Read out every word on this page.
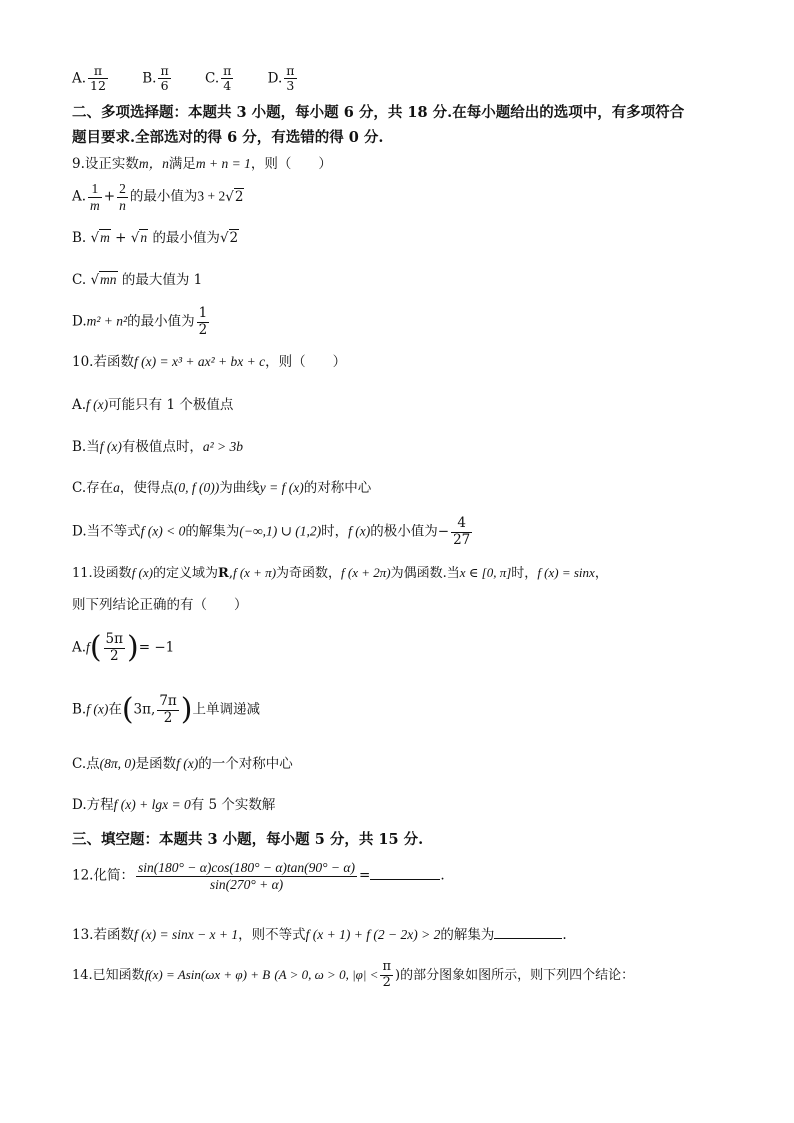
A. $\frac{\pi}{12}$	B. $\frac{\pi}{6}$	C. $\frac{\pi}{4}$	D. $\frac{\pi}{3}$
二、多项选择题：本题共 3 小题，每小题 6 分，共 18 分.在每小题给出的选项中，有多项符合
题目要求.全部选对的得 6 分，有选错的得 0 分.
9.设正实数m，n满足m + n = 1，则（　　）
A. $\frac{1}{m} + \frac{2}{n}$ 的最小值为3 + 2√2
B. √m + √n 的最小值为√2
C. √mn 的最大值为 1
D.m² + n²的最小值为 $\frac{1}{2}$
10.若函数f (x) = x³ + ax² + bx + c，则（　　）
A.f (x)可能只有 1 个极值点
B.当f (x)有极值点时，a² > 3b
C.存在a，使得点(0, f (0))为曲线y = f (x)的对称中心
D.当不等式f (x) < 0的解集为(−∞,1) ∪ (1,2)时，f (x)的极小值为− $\frac{4}{27}$
11.设函数f (x)的定义域为R,f (x + π)为奇函数，f (x + 2π)为偶函数.当x ∈ [0, π]时，f (x) = sinx，
则下列结论正确的有（　　）
$A.f( \frac{5\pi}{2}$ )= −1
B.f (x)在(3π, $\frac{7\pi}{2}$ )上单调递减
C.点(8π, 0)是函数f (x)的一个对称中心
D.方程f (x) + lgx = 0有 5 个实数解
三、填空题：本题共 3 小题，每小题 5 分，共 15 分.
12.化简： $\frac{\sin(180^\circ - \alpha)\cos(180^\circ - \alpha)\tan(90^\circ - \alpha)}{\sin(270^\circ + \alpha)}$ =	.
13.若函数f (x) = sinx − x + 1，则不等式f (x + 1) + f (2 − 2x) > 2的解集为	.
14.已知函数f(x) = Asin(ωx + φ) + B (A > 0, ω > 0, $|\varphi| < \frac{\pi}{2}$ )的部分图象如图所示，则下列四个结论：
